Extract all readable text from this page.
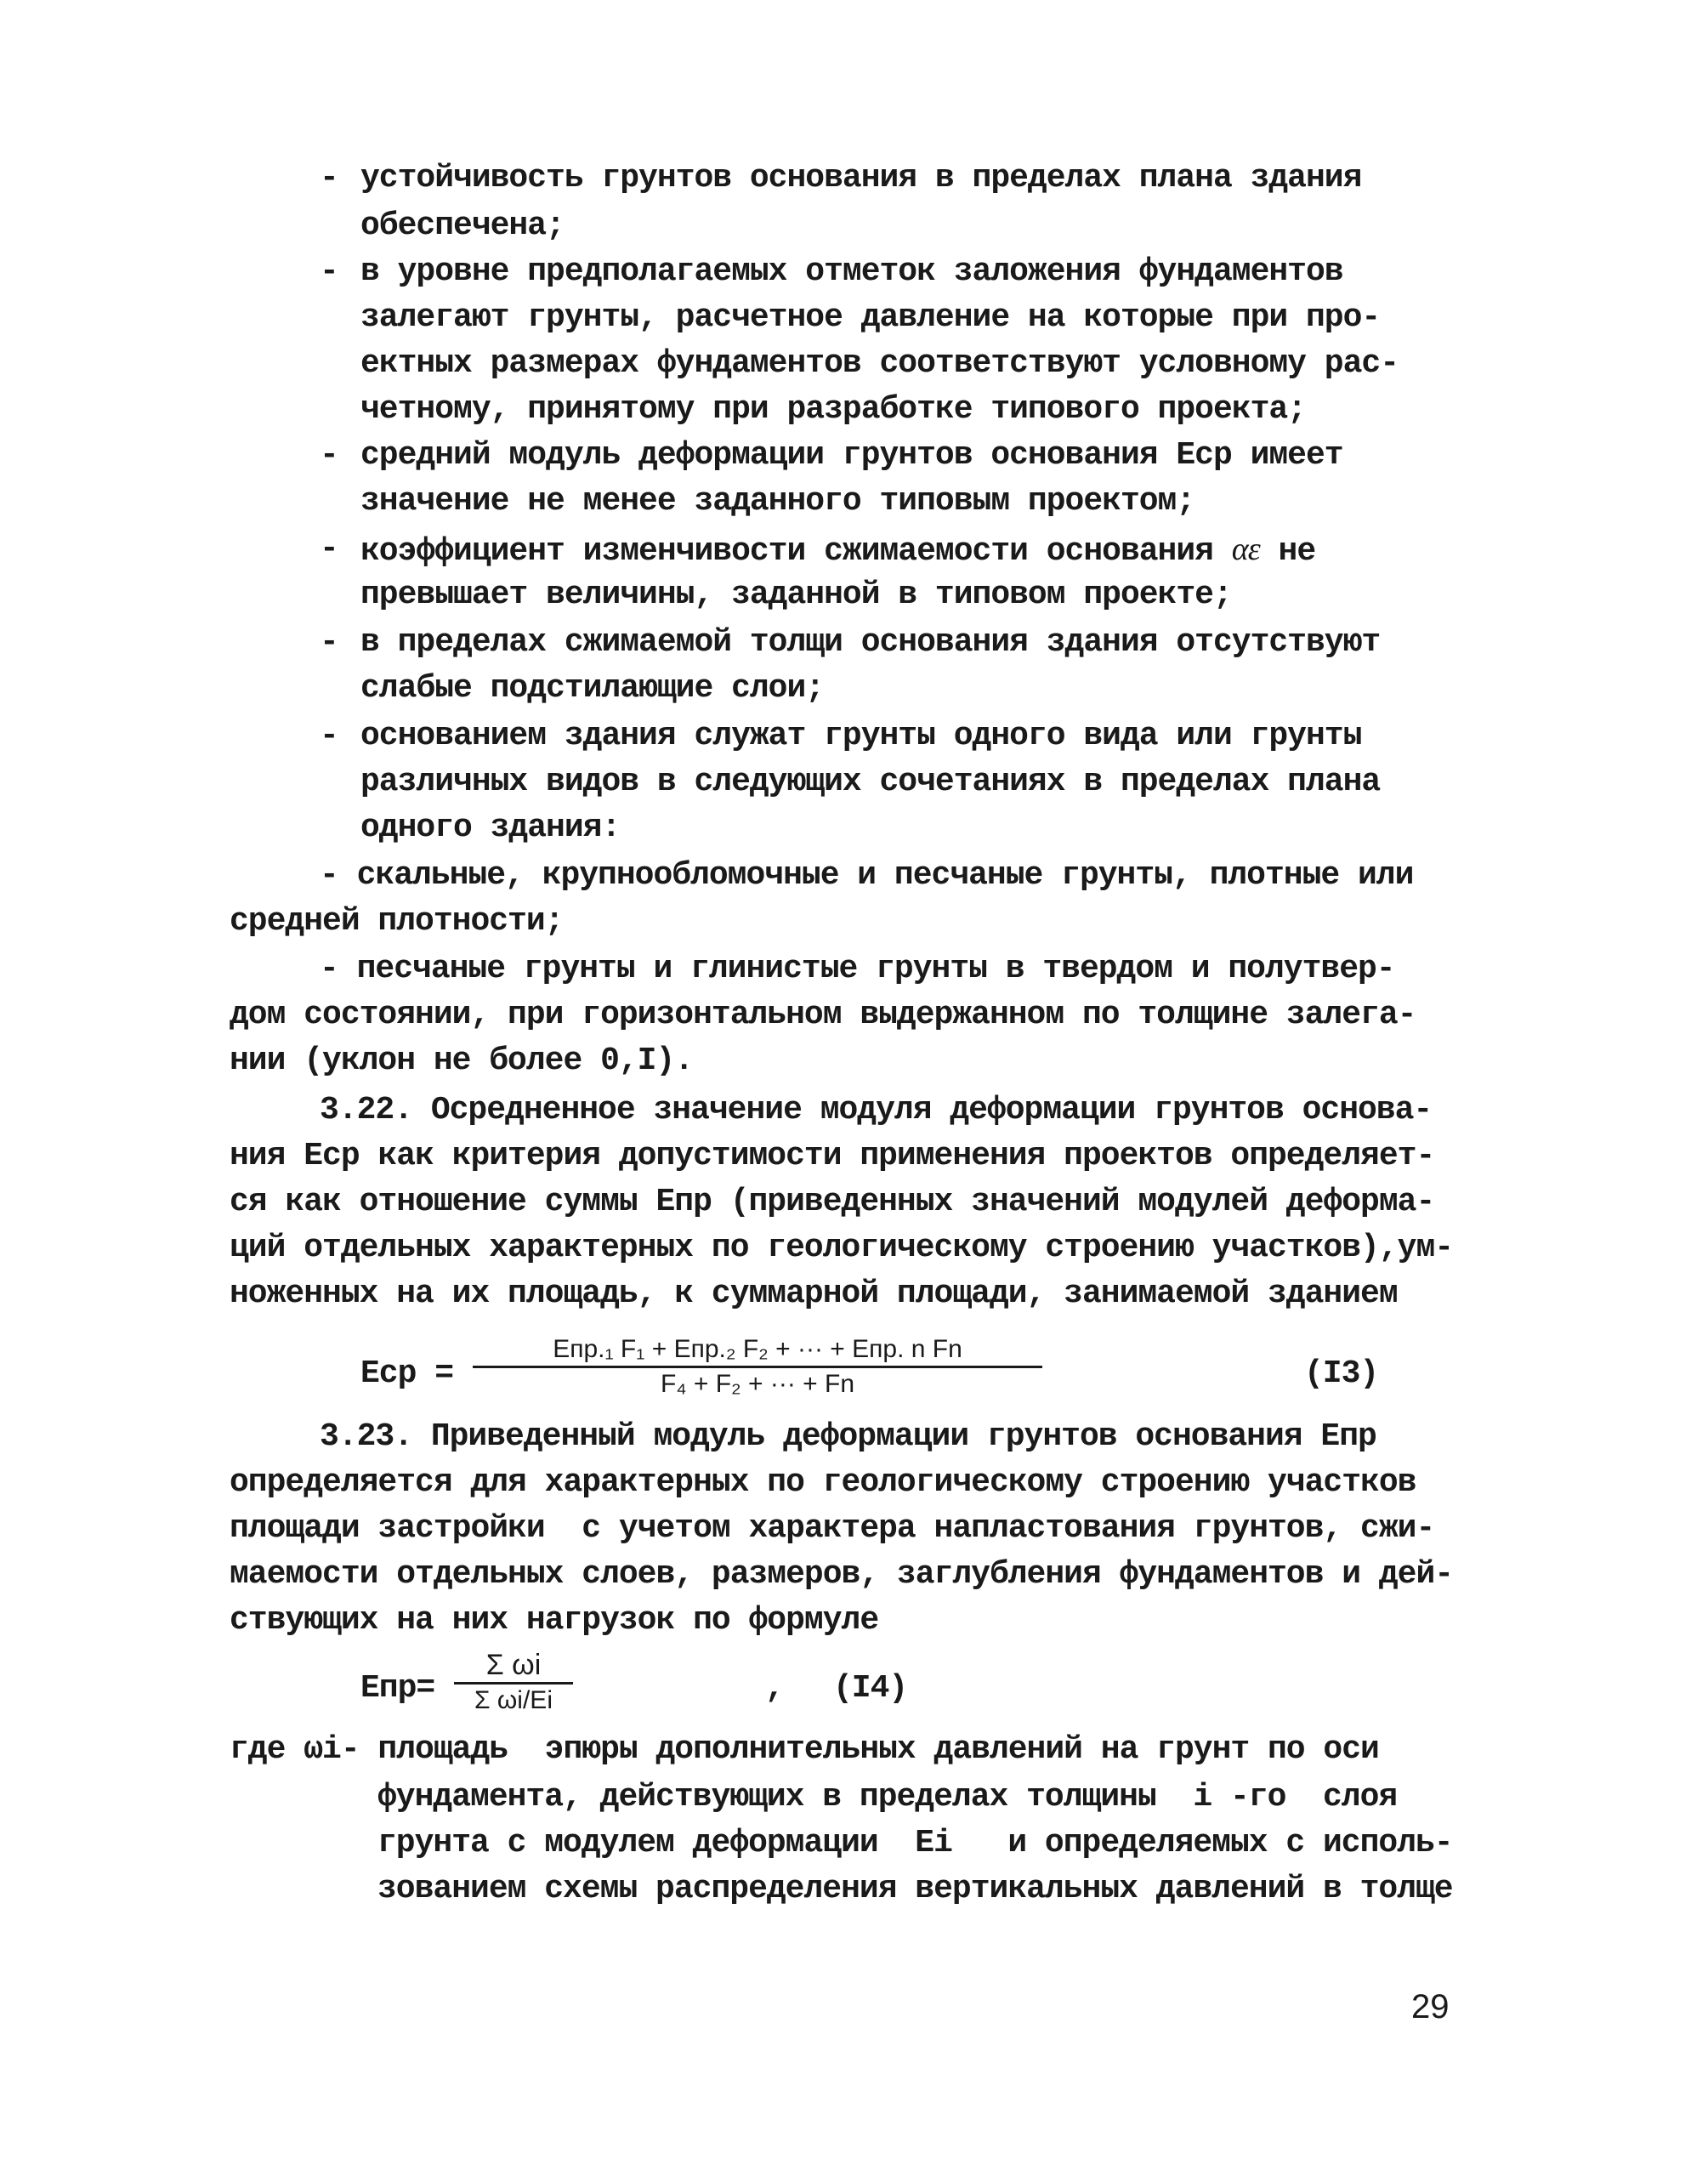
- устойчивость грунтов основания в пределах плана здания
обеспечена;
- в уровне предполагаемых отметок заложения фундаментов
залегают грунты, расчетное давление на которые при про-
ектных размерах фундаментов соответствуют условному рас-
четному, принятому при разработке типового проекта;
- средний модуль деформации грунтов основания Еср имеет
значение не менее заданного типовым проектом;
- коэффициент изменчивости сжимаемости основания αε не
превышает величины, заданной в типовом проекте;
- в пределах сжимаемой толщи основания здания отсутствуют
слабые подстилающие слои;
- основанием здания служат грунты одного вида или грунты
различных видов в следующих сочетаниях в пределах плана
одного здания:
- скальные, крупнообломочные и песчаные грунты, плотные или
средней плотности;
- песчаные грунты и глинистые грунты в твердом и полутвер-
дом состоянии, при горизонтальном выдержанном по толщине залега-
нии (уклон не более 0,I).
3.22. Осредненное значение модуля деформации грунтов основа-
ния Еср как критерия допустимости применения проектов определяет-
ся как отношение суммы Епр (приведенных значений модулей деформа-
ций отдельных характерных по геологическому строению участков),ум-
ноженных на их площадь, к суммарной площади, занимаемой зданием
Еср =
Eпр.₁ F₁ + Eпр.₂ F₂ + ··· + Eпр. n Fn
F₄ + F₂ + ··· + Fn	(I3)
3.23. Приведенный модуль деформации грунтов основания Епр
определяется для характерных по геологическому строению участков
площади застройки  с учетом характера напластования грунтов, сжи-
маемости отдельных слоев, размеров, заглубления фундаментов и дей-
ствующих на них нагрузок по формуле
Епр=
Σ ωi
Σ ωi/Ei	, (I4)
где ωi- площадь  эпюры дополнительных давлений на грунт по оси
фундамента, действующих в пределах толщины  i -го  слоя
грунта с модулем деформации  Ei   и определяемых с исполь-
зованием схемы распределения вертикальных давлений в толще
29
